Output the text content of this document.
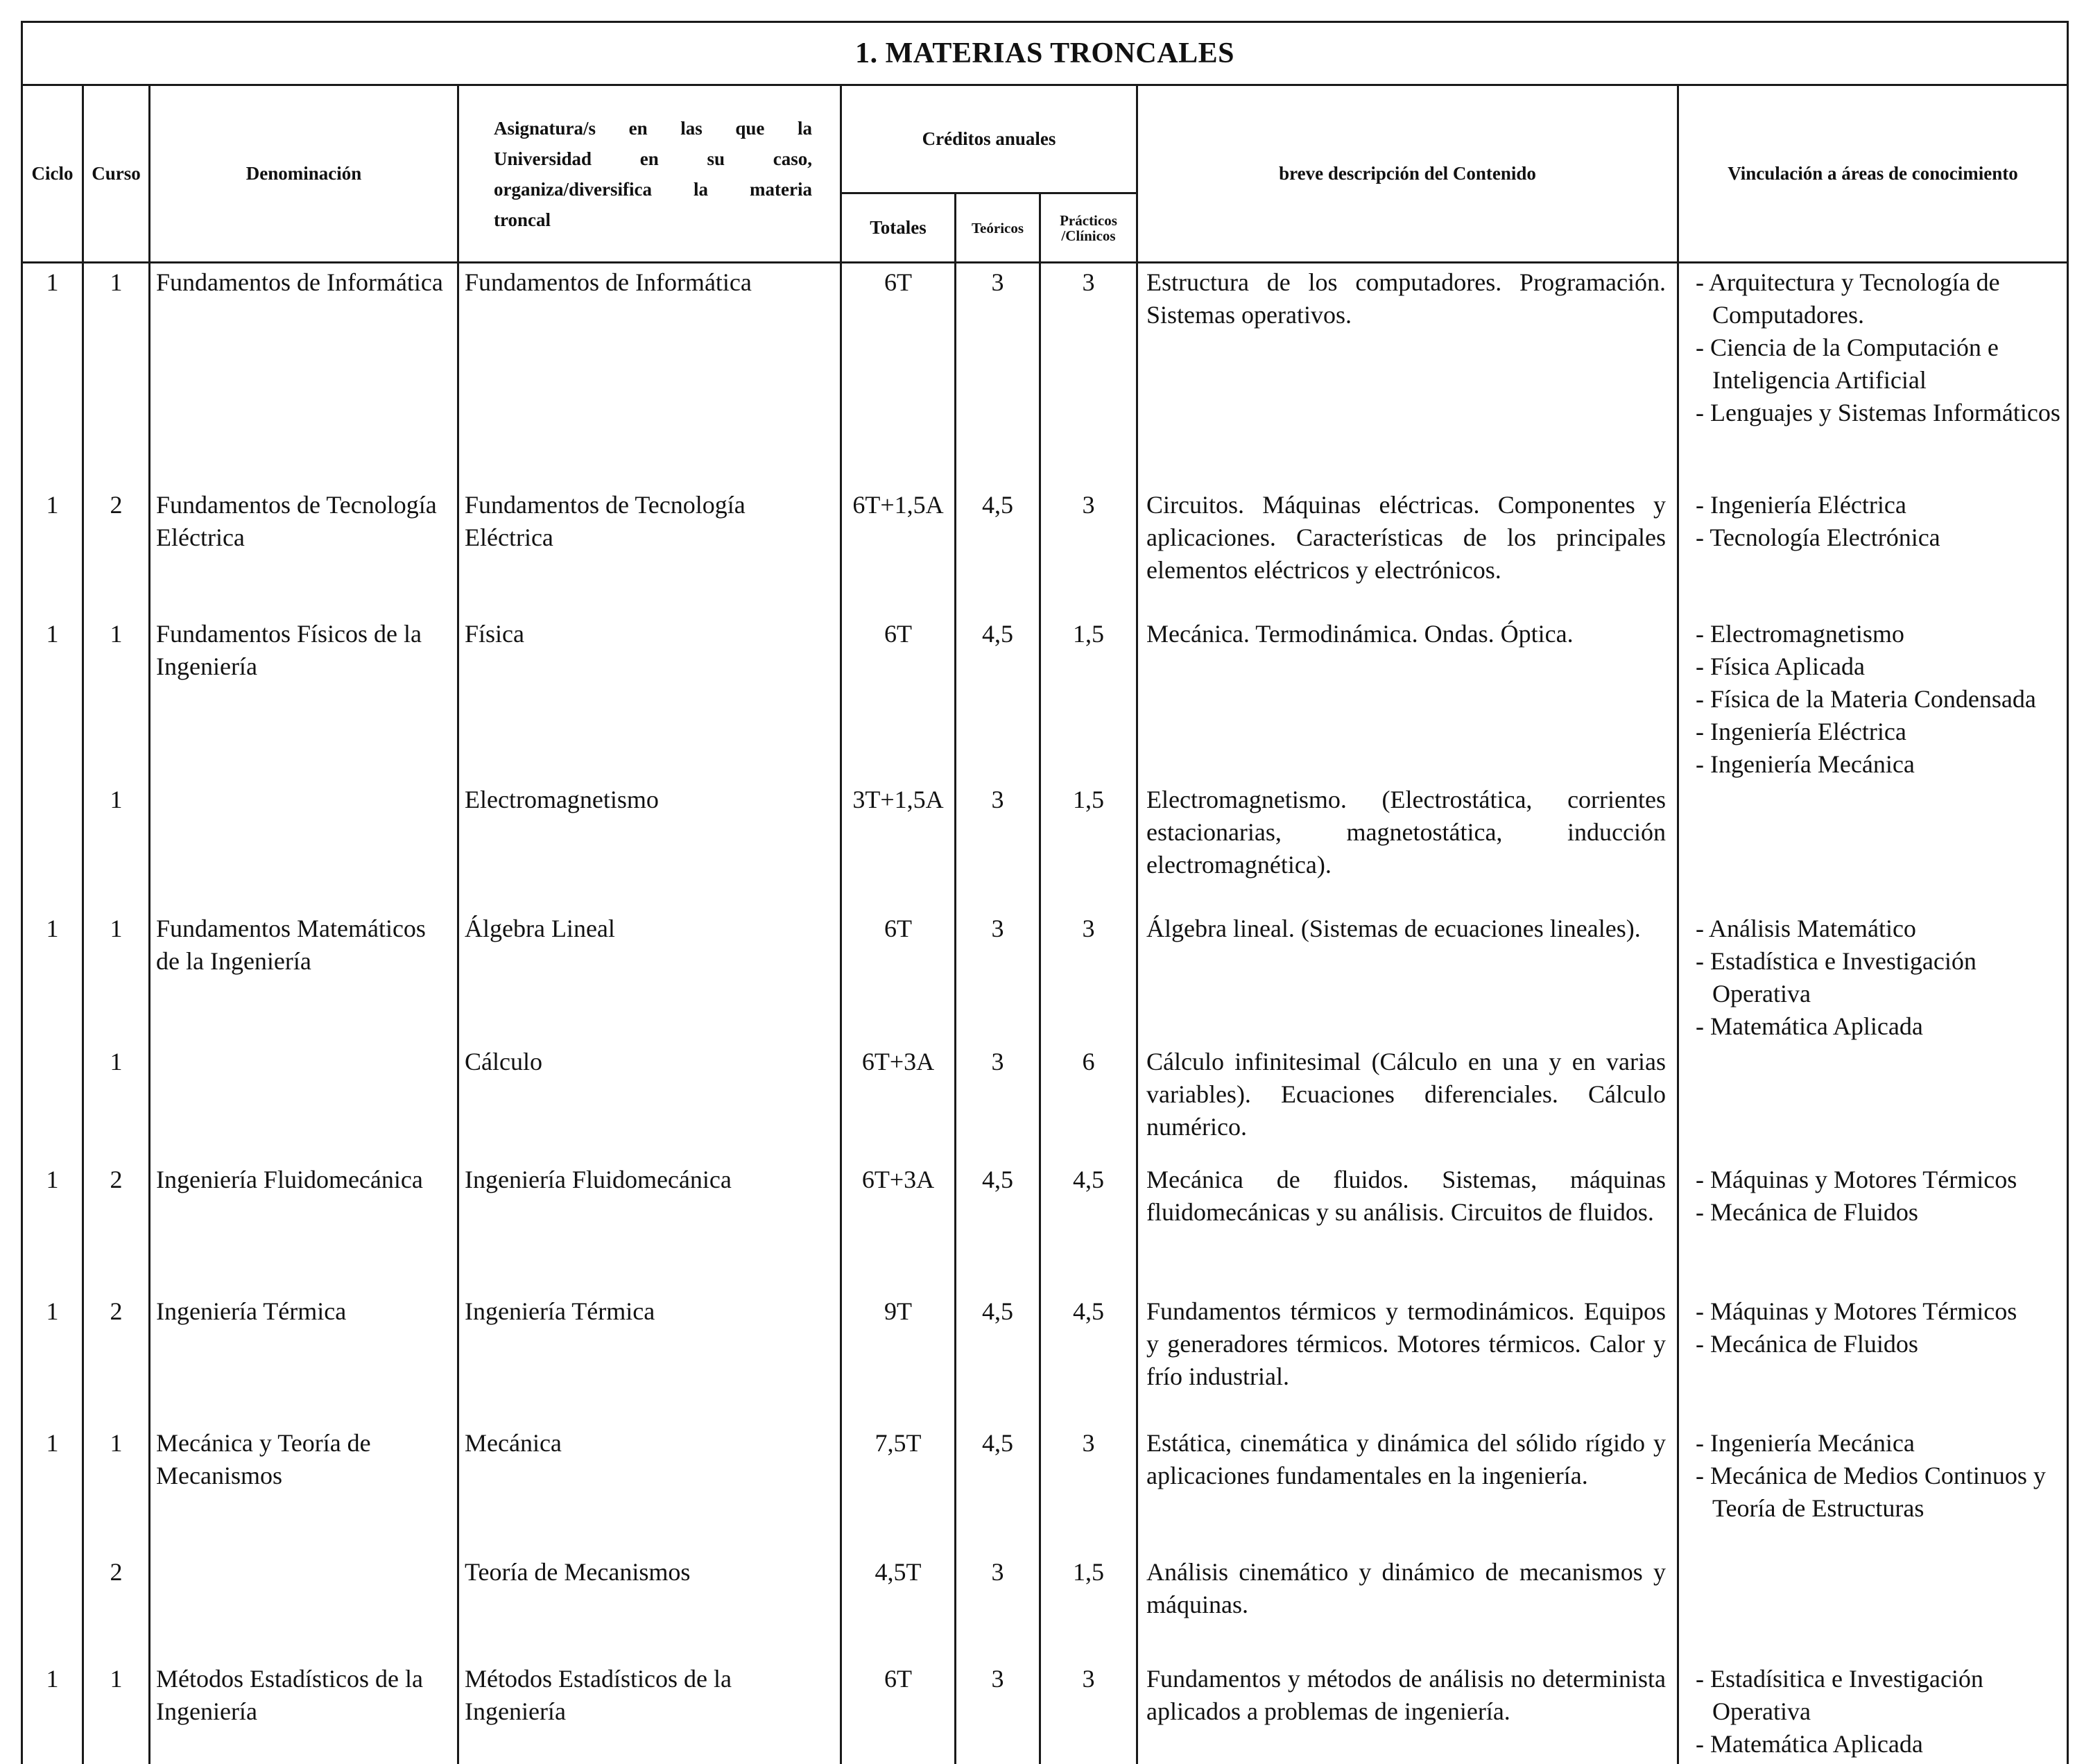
1. MATERIAS TRONCALES								
Ciclo	Curso	Denominación	Asignatura/s en las que la
Universidad en su caso,
organiza/diversifica la materia
troncal	Créditos anuales			breve descripción del Contenido	Vinculación a áreas de conocimiento
				Totales	Teóricos	Prácticos
/Clínicos		

1	1	Fundamentos de Informática	Fundamentos de Informática	6T	3	3	Estructura de los computadores. Programación. Sistemas operativos.	- Arquitectura y Tecnología de Computadores.
- Ciencia de la Computación e Inteligencia Artificial
- Lenguajes y Sistemas Informáticos

1	2	Fundamentos de Tecnología Eléctrica	Fundamentos de Tecnología Eléctrica	6T+1,5A	4,5	3	Circuitos. Máquinas eléctricas. Componentes y aplicaciones. Características de los principales elementos eléctricos y electrónicos.	- Ingeniería Eléctrica
- Tecnología Electrónica

1	1	Fundamentos Físicos de la Ingeniería	Física	6T	4,5	1,5	Mecánica. Termodinámica. Ondas. Óptica.	- Electromagnetismo
- Física Aplicada
- Física de la Materia Condensada
- Ingeniería Eléctrica
- Ingeniería Mecánica

	1		Electromagnetismo	3T+1,5A	3	1,5	Electromagnetismo. (Electrostática, corrientes estacionarias, magnetostática, inducción electromagnética).	
1	1	Fundamentos Matemáticos de la Ingeniería	Álgebra Lineal	6T	3	3	Álgebra lineal. (Sistemas de ecuaciones lineales).	- Análisis Matemático
- Estadística e Investigación Operativa
- Matemática Aplicada

	1		Cálculo	6T+3A	3	6	Cálculo infinitesimal (Cálculo en una y en varias variables). Ecuaciones diferenciales. Cálculo numérico.	
1	2	Ingeniería Fluidomecánica	Ingeniería Fluidomecánica	6T+3A	4,5	4,5	Mecánica de fluidos. Sistemas, máquinas fluidomecánicas y su análisis. Circuitos de fluidos.	- Máquinas y Motores Térmicos
- Mecánica de Fluidos

1	2	Ingeniería Térmica	Ingeniería Térmica	9T	4,5	4,5	Fundamentos térmicos y termodinámicos. Equipos y generadores térmicos. Motores térmicos. Calor y frío industrial.	- Máquinas y Motores Térmicos
- Mecánica de Fluidos

1	1	Mecánica y Teoría de Mecanismos	Mecánica	7,5T	4,5	3	Estática, cinemática y dinámica del sólido rígido y aplicaciones fundamentales en la ingeniería.	- Ingeniería Mecánica
- Mecánica de Medios Continuos y Teoría de Estructuras

	2		Teoría de Mecanismos	4,5T	3	1,5	Análisis cinemático y dinámico de mecanismos y máquinas.	
1	1	Métodos Estadísticos de la Ingeniería	Métodos Estadísticos de la Ingeniería	6T	3	3	Fundamentos y métodos de análisis no determinista aplicados a problemas de ingeniería.	- Estadísitica e Investigación Operativa
- Matemática Aplicada
